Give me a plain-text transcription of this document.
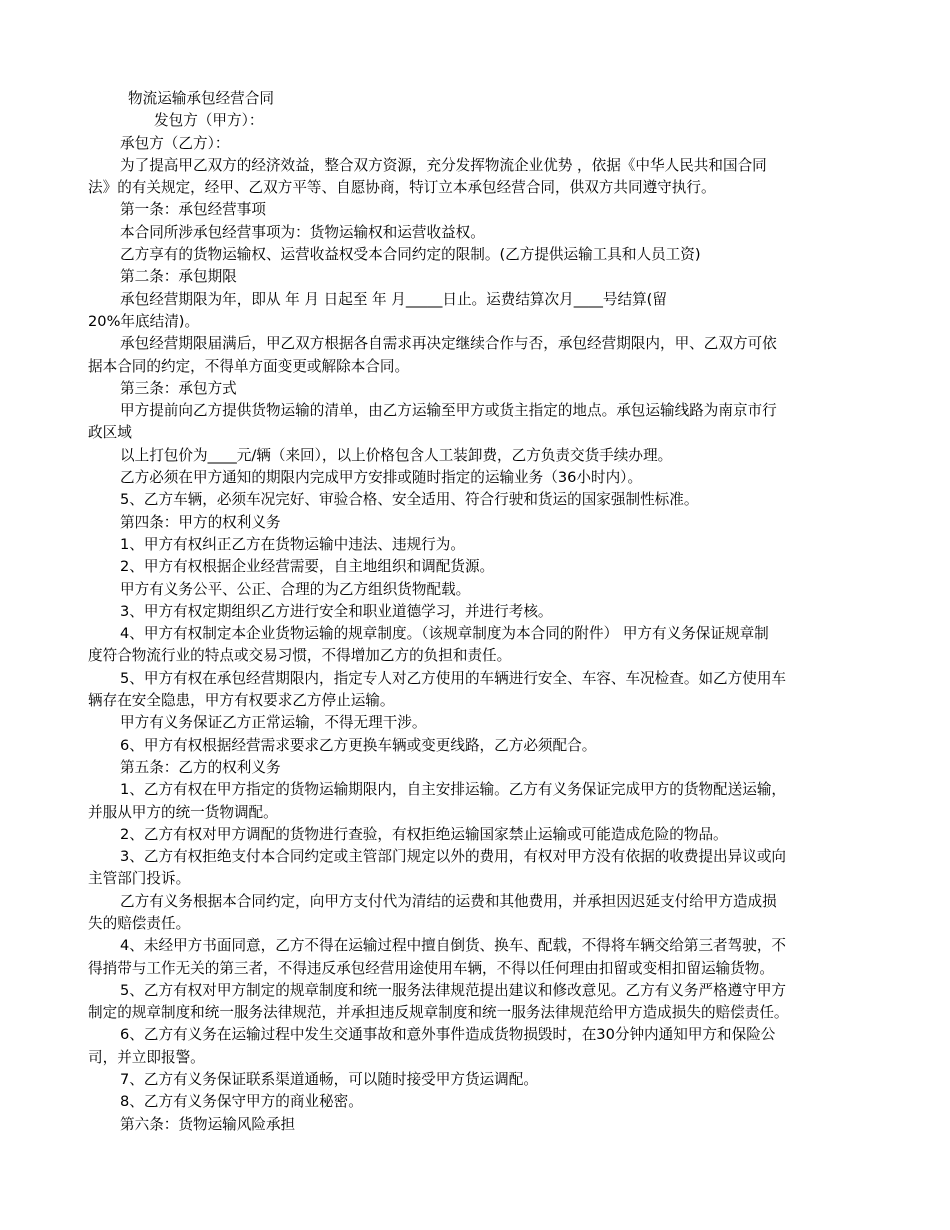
物流运输承包经营合同
发包方（甲方）：
承包方（乙方）：
为了提高甲乙双方的经济效益，整合双方资源，充分发挥物流企业优势 ，依据《中华人民共和国合同
法》的有关规定，经甲、乙双方平等、自愿协商，特订立本承包经营合同，供双方共同遵守执行。
第一条：承包经营事项
本合同所涉承包经营事项为：货物运输权和运营收益权。
乙方享有的货物运输权、运营收益权受本合同约定的限制。(乙方提供运输工具和人员工资)
第二条：承包期限
承包经营期限为年，即从 年 月 日起至 年 月_____日止。运费结算次月____号结算(留
20%年底结清)。
承包经营期限届满后，甲乙双方根据各自需求再决定继续合作与否，承包经营期限内，甲、乙双方可依
据本合同的约定，不得单方面变更或解除本合同。
第三条：承包方式
甲方提前向乙方提供货物运输的清单，由乙方运输至甲方或货主指定的地点。承包运输线路为南京市行
政区域
以上打包价为____元/辆（来回），以上价格包含人工装卸费，乙方负责交货手续办理。
乙方必须在甲方通知的期限内完成甲方安排或随时指定的运输业务（36小时内）。
5、乙方车辆，必须车况完好、审验合格、安全适用、符合行驶和货运的国家强制性标准。
第四条：甲方的权利义务
1、甲方有权纠正乙方在货物运输中违法、违规行为。
2、甲方有权根据企业经营需要，自主地组织和调配货源。
甲方有义务公平、公正、合理的为乙方组织货物配载。
3、甲方有权定期组织乙方进行安全和职业道德学习，并进行考核。
4、甲方有权制定本企业货物运输的规章制度。（该规章制度为本合同的附件） 甲方有义务保证规章制
度符合物流行业的特点或交易习惯，不得增加乙方的负担和责任。
5、甲方有权在承包经营期限内，指定专人对乙方使用的车辆进行安全、车容、车况检查。如乙方使用车
辆存在安全隐患，甲方有权要求乙方停止运输。
甲方有义务保证乙方正常运输，不得无理干涉。
6、甲方有权根据经营需求要求乙方更换车辆或变更线路，乙方必须配合。
第五条：乙方的权利义务
1、乙方有权在甲方指定的货物运输期限内，自主安排运输。乙方有义务保证完成甲方的货物配送运输，
并服从甲方的统一货物调配。
2、乙方有权对甲方调配的货物进行查验，有权拒绝运输国家禁止运输或可能造成危险的物品。
3、乙方有权拒绝支付本合同约定或主管部门规定以外的费用，有权对甲方没有依据的收费提出异议或向
主管部门投诉。
乙方有义务根据本合同约定，向甲方支付代为清结的运费和其他费用，并承担因迟延支付给甲方造成损
失的赔偿责任。
4、未经甲方书面同意，乙方不得在运输过程中擅自倒货、换车、配载，不得将车辆交给第三者驾驶，不
得捎带与工作无关的第三者，不得违反承包经营用途使用车辆，不得以任何理由扣留或变相扣留运输货物。
5、乙方有权对甲方制定的规章制度和统一服务法律规范提出建议和修改意见。乙方有义务严格遵守甲方
制定的规章制度和统一服务法律规范，并承担违反规章制度和统一服务法律规范给甲方造成损失的赔偿责任。
6、乙方有义务在运输过程中发生交通事故和意外事件造成货物损毁时，在30分钟内通知甲方和保险公
司，并立即报警。
7、乙方有义务保证联系渠道通畅，可以随时接受甲方货运调配。
8、乙方有义务保守甲方的商业秘密。
第六条：货物运输风险承担
